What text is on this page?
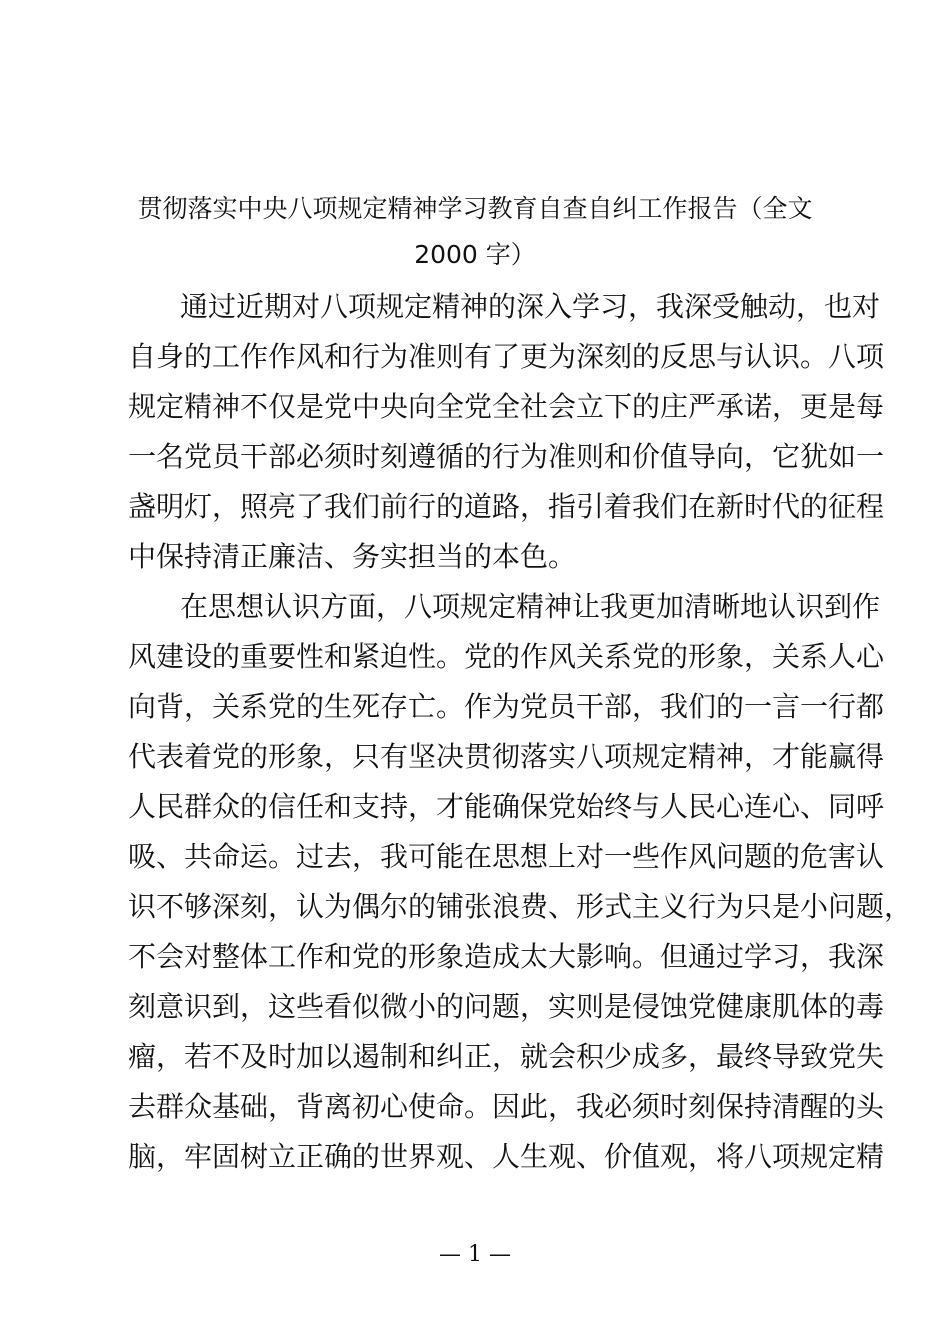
贯彻落实中央八项规定精神学习教育自查自纠工作报告（全文
2000 字）

通过近期对八项规定精神的深入学习，我深受触动，也对
自身的工作作风和行为准则有了更为深刻的反思与认识。八项
规定精神不仅是党中央向全党全社会立下的庄严承诺，更是每
一名党员干部必须时刻遵循的行为准则和价值导向，它犹如一
盏明灯，照亮了我们前行的道路，指引着我们在新时代的征程
中保持清正廉洁、务实担当的本色。

在思想认识方面，八项规定精神让我更加清晰地认识到作
风建设的重要性和紧迫性。党的作风关系党的形象，关系人心
向背，关系党的生死存亡。作为党员干部，我们的一言一行都
代表着党的形象，只有坚决贯彻落实八项规定精神，才能赢得
人民群众的信任和支持，才能确保党始终与人民心连心、同呼
吸、共命运。过去，我可能在思想上对一些作风问题的危害认
识不够深刻，认为偶尔的铺张浪费、形式主义行为只是小问题，
不会对整体工作和党的形象造成太大影响。但通过学习，我深
刻意识到，这些看似微小的问题，实则是侵蚀党健康肌体的毒
瘤，若不及时加以遏制和纠正，就会积少成多，最终导致党失
去群众基础，背离初心使命。因此，我必须时刻保持清醒的头
脑，牢固树立正确的世界观、人生观、价值观，将八项规定精

— 1 —
